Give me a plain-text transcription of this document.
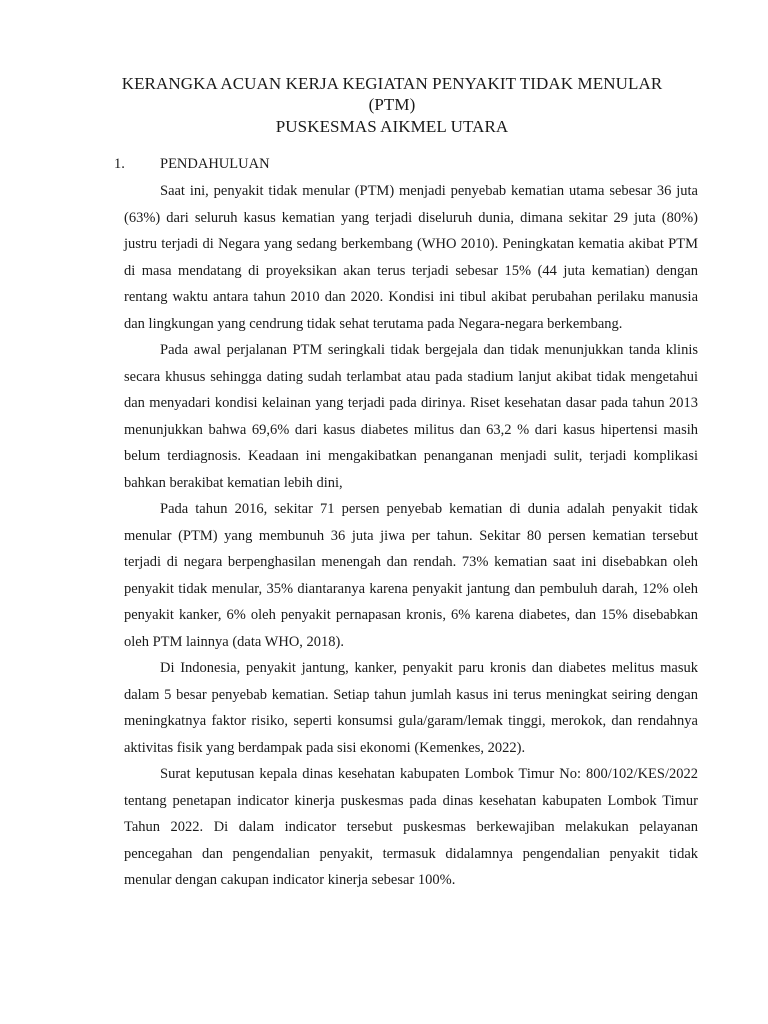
KERANGKA ACUAN KERJA KEGIATAN PENYAKIT TIDAK MENULAR
(PTM)
PUSKESMAS AIKMEL UTARA
1. PENDAHULUAN

Saat ini, penyakit tidak menular (PTM) menjadi penyebab kematian utama sebesar 36 juta (63%) dari seluruh kasus kematian yang terjadi diseluruh dunia, dimana sekitar 29 juta (80%) justru terjadi di Negara yang sedang berkembang (WHO 2010). Peningkatan kematia akibat PTM di masa mendatang di proyeksikan akan terus terjadi sebesar 15% (44 juta kematian) dengan rentang waktu antara tahun 2010 dan 2020. Kondisi ini tibul akibat perubahan perilaku manusia dan lingkungan yang cendrung tidak sehat terutama pada Negara-negara berkembang.

Pada awal perjalanan PTM seringkali tidak bergejala dan tidak menunjukkan tanda klinis secara khusus sehingga dating sudah terlambat atau pada stadium lanjut akibat tidak mengetahui dan menyadari kondisi kelainan yang terjadi pada dirinya. Riset kesehatan dasar pada tahun 2013 menunjukkan bahwa 69,6% dari kasus diabetes militus dan 63,2 % dari kasus hipertensi masih belum terdiagnosis. Keadaan ini mengakibatkan penanganan menjadi sulit, terjadi komplikasi bahkan berakibat kematian lebih dini,

Pada tahun 2016, sekitar 71 persen penyebab kematian di dunia adalah penyakit tidak menular (PTM) yang membunuh 36 juta jiwa per tahun. Sekitar 80 persen kematian tersebut terjadi di negara berpenghasilan menengah dan rendah. 73% kematian saat ini disebabkan oleh penyakit tidak menular, 35% diantaranya karena penyakit jantung dan pembuluh darah, 12% oleh penyakit kanker, 6% oleh penyakit pernapasan kronis, 6% karena diabetes, dan 15% disebabkan oleh PTM lainnya (data WHO, 2018).

Di Indonesia, penyakit jantung, kanker, penyakit paru kronis dan diabetes melitus masuk dalam 5 besar penyebab kematian. Setiap tahun jumlah kasus ini terus meningkat seiring dengan meningkatnya faktor risiko, seperti konsumsi gula/garam/lemak tinggi, merokok, dan rendahnya aktivitas fisik yang berdampak pada sisi ekonomi (Kemenkes, 2022).

Surat keputusan kepala dinas kesehatan kabupaten Lombok Timur No: 800/102/KES/2022 tentang penetapan indicator kinerja puskesmas pada dinas kesehatan kabupaten Lombok Timur Tahun 2022. Di dalam indicator tersebut puskesmas berkewajiban melakukan pelayanan pencegahan dan pengendalian penyakit, termasuk didalamnya pengendalian penyakit tidak menular dengan cakupan indicator kinerja sebesar 100%.
